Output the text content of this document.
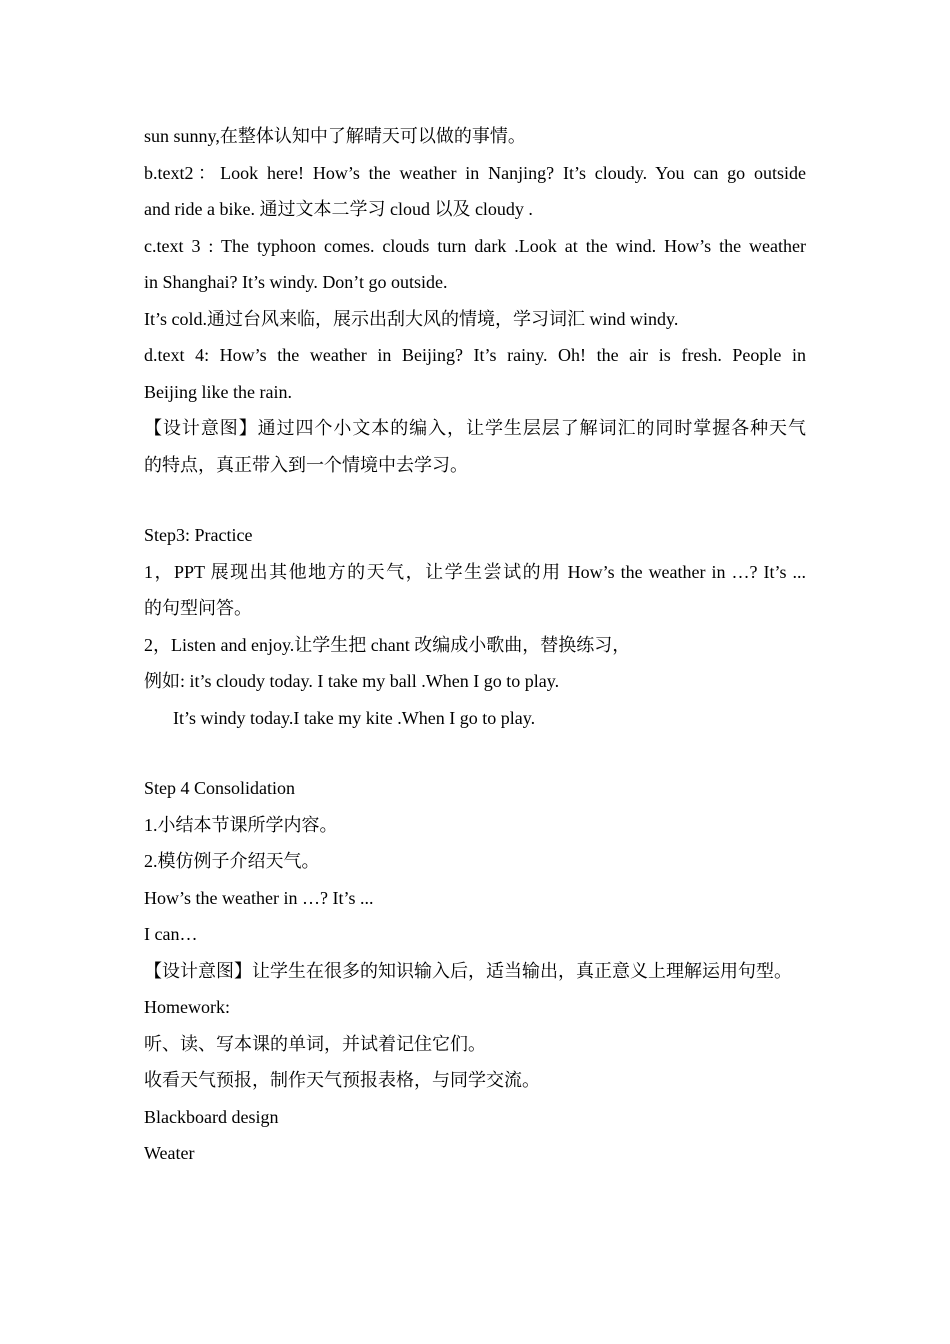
sun sunny,在整体认知中了解晴天可以做的事情。
b.text2：Look here! How’s the weather in Nanjing? It’s cloudy. You can go outside
and ride a bike. 通过文本二学习 cloud 以及 cloudy .
c.text 3 : The typhoon comes. clouds turn dark .Look at the wind. How’s the weather
in Shanghai? It’s windy. Don’t go outside.
It’s cold.通过台风来临，展示出刮大风的情境，学习词汇 wind windy.
d.text 4: How’s the weather in Beijing? It’s rainy. Oh! the air is fresh. People in
Beijing like the rain.
【设计意图】通过四个小文本的编入，让学生层层了解词汇的同时掌握各种天气
的特点，真正带入到一个情境中去学习。
Step3: Practice
1，PPT 展现出其他地方的天气，让学生尝试的用 How’s the weather in …? It’s ...
的句型问答。
2，Listen and enjoy.让学生把 chant 改编成小歌曲，替换练习，
例如: it’s cloudy today. I take my ball .When I go to play.
It’s windy today.I take my kite .When I go to play.
Step 4 Consolidation
1.小结本节课所学内容。
2.模仿例子介绍天气。
How’s the weather in …? It’s ...
I can…
【设计意图】让学生在很多的知识输入后，适当输出，真正意义上理解运用句型。
Homework:
听、读、写本课的单词，并试着记住它们。
收看天气预报，制作天气预报表格，与同学交流。
Blackboard design
Weater
